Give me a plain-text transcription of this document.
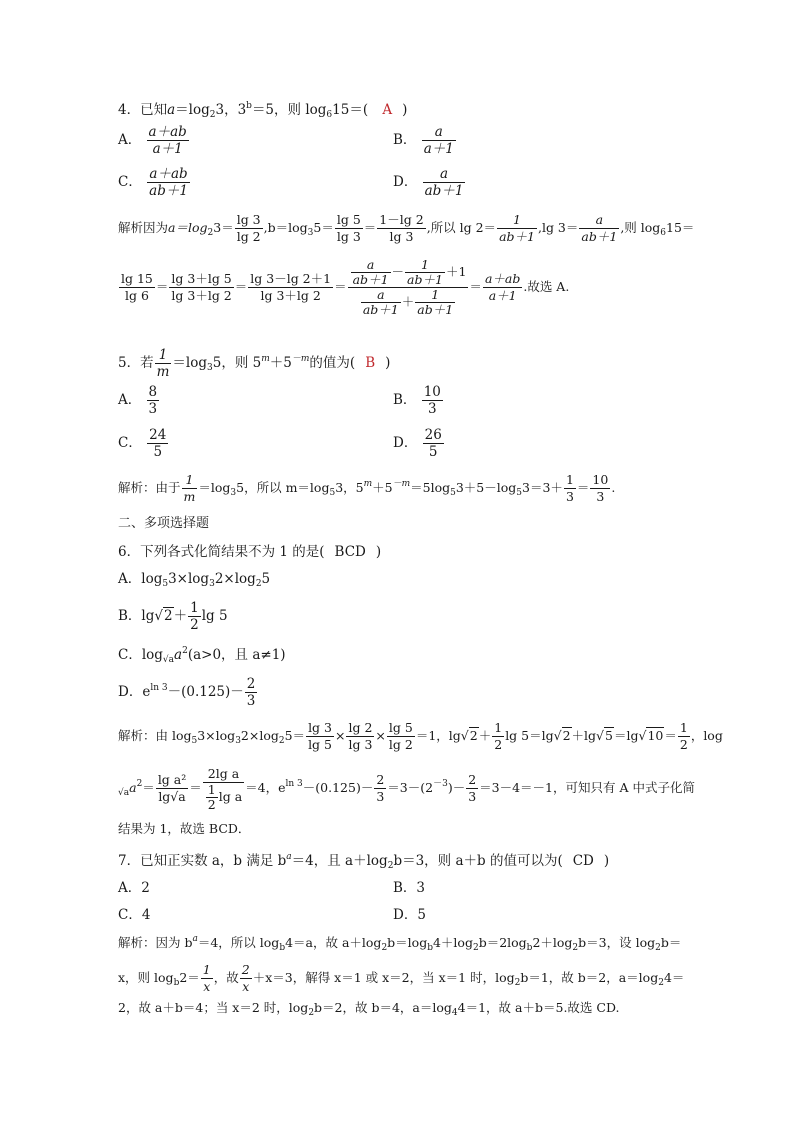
4．已知$a=\log_23$，$3^b=5$，则 $\log_615=$( A )
A． $\frac{a+ab}{a+1}$	B． $\frac{a}{a+1}$
C． $\frac{a+ab}{ab+1}$	D． $\frac{a}{ab+1}$
解析因为$a=\log_23= \frac{\lg 3}{\lg 2} ,b=\log_35= \frac{\lg 5}{\lg 3} = \frac{1-\lg 2}{\lg 3}$ ,所以 $\lg 2= \frac{1}{ab+1} ,\lg$ $3= \frac{a}{ab+1}$ ,则 $\log_615=$
$\frac{\lg 15}{\lg 6} = \frac{\lg 3+\lg 5}{\lg 3+\lg 2} = \frac{\lg 3-\lg 2+1}{\lg 3+\lg 2} = \frac{\frac{a}{ab+1} - \frac{1}{ab+1} +1}{\frac{a}{ab+1} + \frac{1}{ab+1}} = \frac{a+ab}{a+1}$ .故选 A.
5．若 $\frac{1}{m} =\log_35$，则 $5^m+5^{-m}$的值为( B )
A． $\frac{8}{3}$	B． $\frac{10}{3}$
C． $\frac{24}{5}$	D． $\frac{26}{5}$
解析：由于 $\frac{1}{m} =\log_35$，所以 $m=\log_53$，$5^m+5^{-m}=5\log_53+5-\log_53=3+ \frac{1}{3} = \frac{10}{3}$ .
二、多项选择题
6．下列各式化简结果不为 1 的是( BCD )
A．$\log_53\times\log_32\times\log_25$
B．$\lg√2+ \frac{1}{2}$ lg 5
C．$\log_{√a}a^2(a>0$，且 a≠1)
D．$e^{ln 3}-(0.125)- \frac{2}{3}$
解析：由 $\log_53\times\log_32\times\log_25= \frac{\lg 3}{\lg 5} \times \frac{\lg 2}{\lg 3} \times \frac{\lg 5}{\lg 2} =1$，$\lg√2+ \frac{1}{2}$ $\lg 5=\lg√2+\lg√5=\lg√10= \frac{1}{2}$ ，log
$_{√a}a^2= \frac{\text{lg a²}}{\lg√a} = \frac{\text{2lg a}}{\frac{1}{2} \lg a} =4$，$e^{ln 3}-(0.125)- \frac{2}{3} =3-(2^{-3})- \frac{2}{3} =3-4=-1$，可知只有 A 中式子化简
结果为 1，故选 BCD．
7．已知正实数 a，b 满足 $b^a=4$，且 $a+\log_2b=3$，则 a＋b 的值可以为( CD )
A．2	B．3
C．4	D．5
解析：因为 $b^a=4$，所以 $\log_b4=a$，故 $a+\log_2b=\log_b4+\log_2b=2\log_b2+\log_2b=3$，设 $\log_2b=$
x，则 $\log_b2= \frac{1}{x}$ ，故 $\frac{2}{x} +x=3$，解得 x＝1 或 x＝2，当 x＝1 时，$\log_2b=1$，故 b＝2，$a=\log_24=$
2，故 a＋b＝4；当 x＝2 时，$\log_2b=2$，故 b＝4，$a=\log_44=1$，故 a＋b＝5.故选 CD.
